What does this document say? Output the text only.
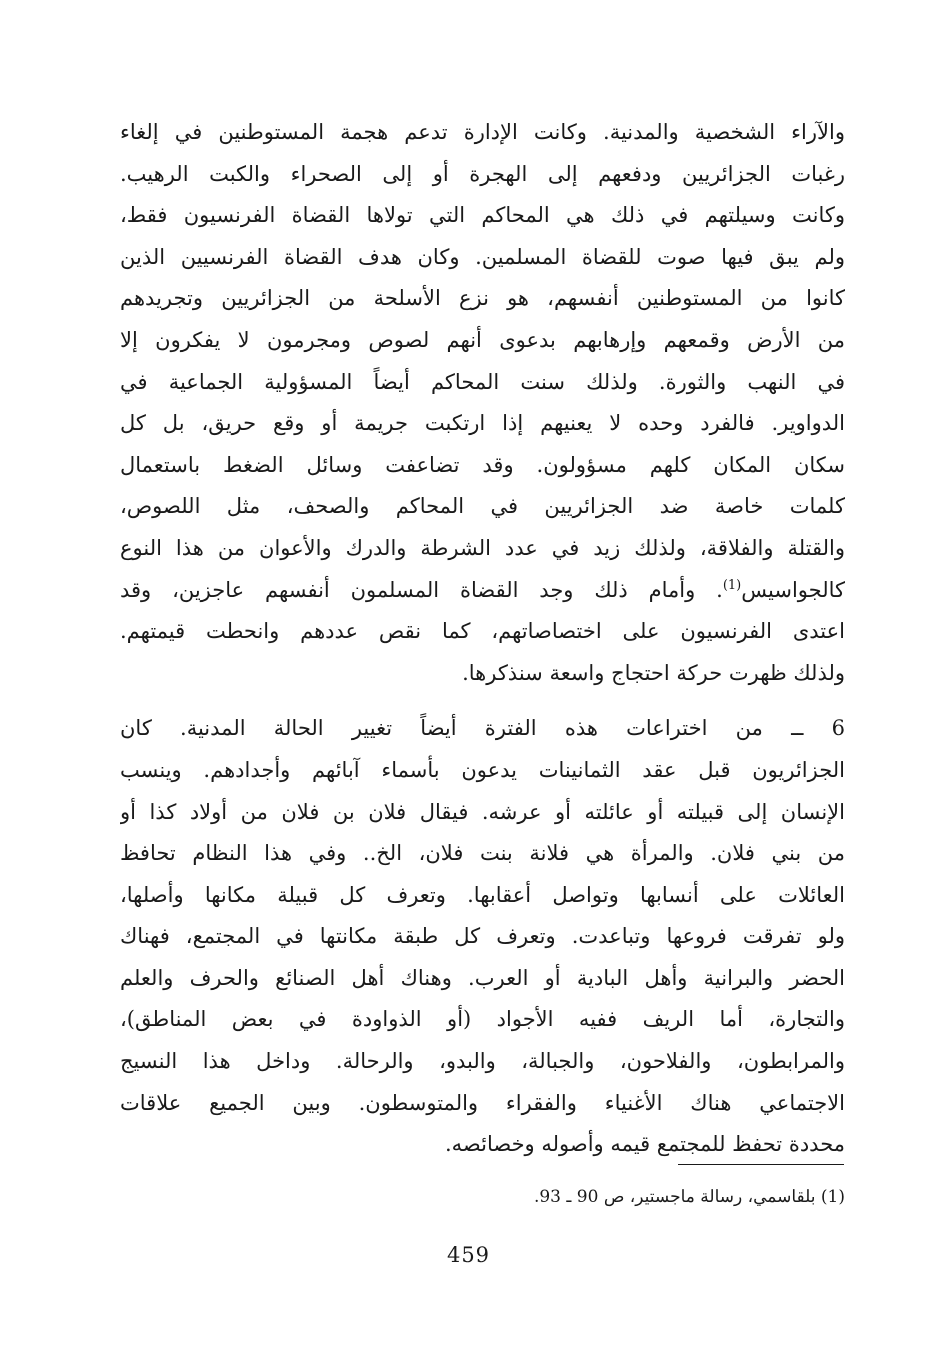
والآراء الشخصية والمدنية. وكانت الإدارة تدعم هجمة المستوطنين في إلغاء
رغبات الجزائريين ودفعهم إلى الهجرة أو إلى الصحراء والكبت الرهيب.
وكانت وسيلتهم في ذلك هي المحاكم التي تولاها القضاة الفرنسيون فقط،
ولم يبق فيها صوت للقضاة المسلمين. وكان هدف القضاة الفرنسيين الذين
كانوا من المستوطنين أنفسهم، هو نزع الأسلحة من الجزائريين وتجريدهم
من الأرض وقمعهم وإرهابهم بدعوى أنهم لصوص ومجرمون لا يفكرون إلا
في النهب والثورة. ولذلك سنت المحاكم أيضاً المسؤولية الجماعية في
الدواوير. فالفرد وحده لا يعنيهم إذا ارتكبت جريمة أو وقع حريق، بل كل
سكان المكان كلهم مسؤولون. وقد تضاعفت وسائل الضغط باستعمال
كلمات خاصة ضد الجزائريين في المحاكم والصحف، مثل اللصوص،
والقتلة والفلاقة، ولذلك زيد في عدد الشرطة والدرك والأعوان من هذا النوع
كالجواسيس$^{(1)}$. وأمام ذلك وجد القضاة المسلمون أنفسهم عاجزين، وقد
اعتدى الفرنسيون على اختصاصاتهم، كما نقص عددهم وانحطت قيمتهم.
ولذلك ظهرت حركة احتجاج واسعة سنذكرها.
6 ــ من اختراعات هذه الفترة أيضاً تغيير الحالة المدنية. كان
الجزائريون قبل عقد الثمانينات يدعون بأسماء آبائهم وأجدادهم. وينسب
الإنسان إلى قبيلته أو عائلته أو عرشه. فيقال فلان بن فلان من أولاد كذا أو
من بني فلان. والمرأة هي فلانة بنت فلان، الخ.. وفي هذا النظام تحافظ
العائلات على أنسابها وتواصل أعقابها. وتعرف كل قبيلة مكانها وأصلها،
ولو تفرقت فروعها وتباعدت. وتعرف كل طبقة مكانتها في المجتمع، فهناك
الحضر والبرانية وأهل البادية أو العرب. وهناك أهل الصنائع والحرف والعلم
والتجارة، أما الريف ففيه الأجواد (أو الذواودة في بعض المناطق)،
والمرابطون، والفلاحون، والجبالة، والبدو، والرحالة. وداخل هذا النسيج
الاجتماعي هناك الأغنياء والفقراء والمتوسطون. وبين الجميع علاقات
محددة تحفظ للمجتمع قيمه وأصوله وخصائصه.
(1) بلقاسمي، رسالة ماجستير، ص 90 ـ 93.
459
